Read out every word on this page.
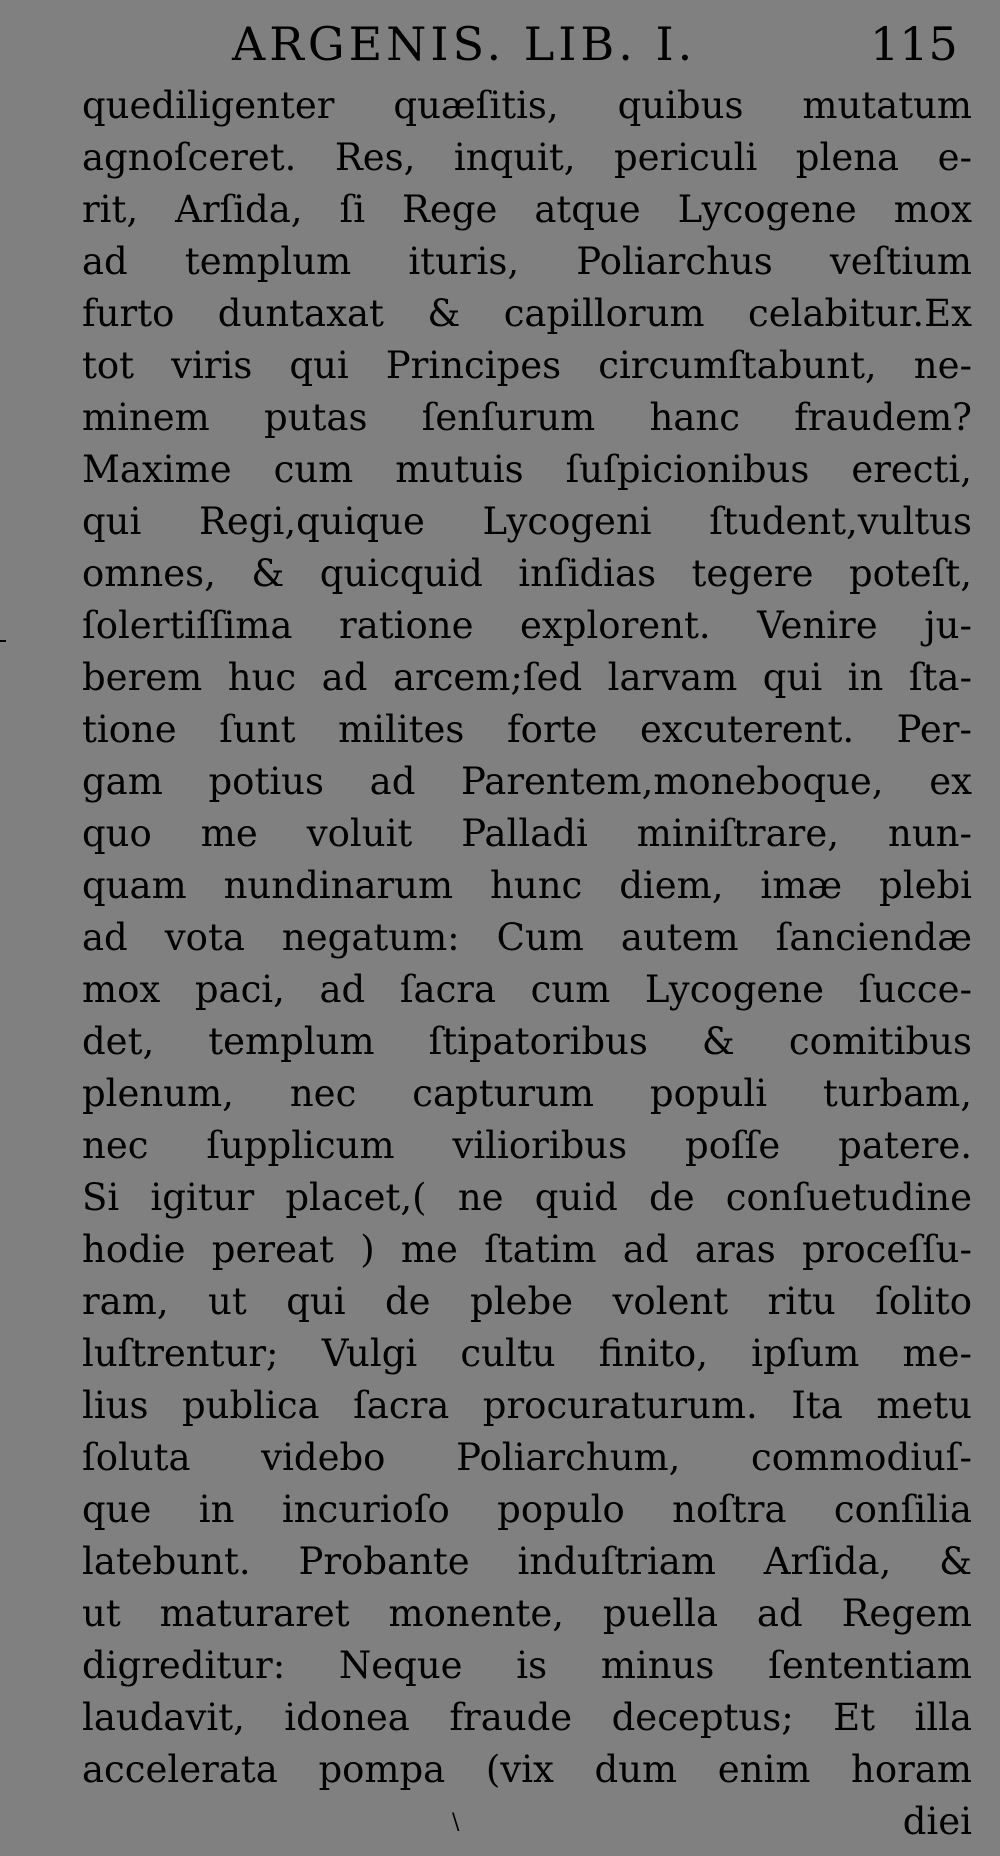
ARGENIS. LIB. I.	115
quediligenter quæſitis, quibus mutatum
agnoſceret. Res, inquit, periculi plena e-
rit, Arſida, ſi Rege atque Lycogene mox
ad templum ituris, Poliarchus veſtium
furto duntaxat & capillorum celabitur.Ex
tot viris qui Principes circumſtabunt, ne-
minem putas ſenſurum hanc fraudem?
Maxime cum mutuis ſuſpicionibus erecti,
qui Regi,quique Lycogeni ſtudent,vultus
omnes, & quicquid inſidias tegere poteſt,
ſolertiſſima ratione explorent. Venire ju-
berem huc ad arcem;ſed larvam qui in ſta-
tione ſunt milites forte excuterent. Per-
gam potius ad Parentem,moneboque, ex
quo me voluit Palladi miniſtrare, nun-
quam nundinarum hunc diem, imæ plebi
ad vota negatum: Cum autem ſanciendæ
mox paci, ad ſacra cum Lycogene ſucce-
det, templum ſtipatoribus & comitibus
plenum, nec capturum populi turbam,
nec ſupplicum vilioribus poſſe patere.
Si igitur placet,( ne quid de conſuetudine
hodie pereat ) me ſtatim ad aras proceſſu-
ram, ut qui de plebe volent ritu ſolito
luſtrentur; Vulgi cultu finito, ipſum me-
lius publica ſacra procuraturum. Ita metu
ſoluta videbo Poliarchum, commodiuſ-
que in incurioſo populo noſtra conſilia
latebunt. Probante induſtriam Arſida, &
ut maturaret monente, puella ad Regem
digreditur: Neque is minus ſententiam
laudavit, idonea fraude deceptus; Et illa
accelerata pompa (vix dum enim horam
diei
\
